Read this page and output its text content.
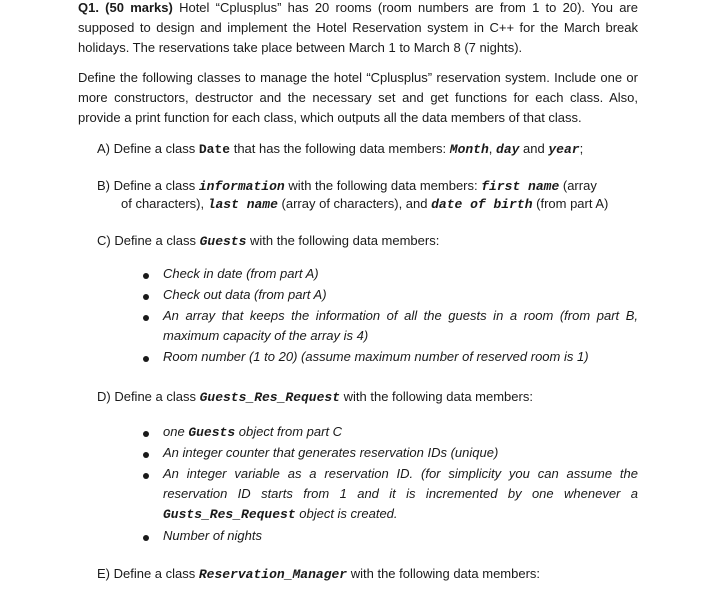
Q1. (50 marks) Hotel “Cplusplus” has 20 rooms (room numbers are from 1 to 20). You are
supposed to design and implement the Hotel Reservation system in C++ for the March break
holidays. The reservations take place between March 1 to March 8 (7 nights).
Define the following classes to manage the hotel “Cplusplus” reservation system. Include one or
more constructors, destructor and the necessary set and get functions for each class. Also,
provide a print function for each class, which outputs all the data members of that class.
A) Define a class Date that has the following data members: Month, day and year;
B) Define a class information with the following data members: first name (array
of characters), last name (array of characters), and date of birth (from part A)
C) Define a class Guests with the following data members:
Check in date (from part A)
Check out data (from part A)
An array that keeps the information of all the guests in a room (from part B,
maximum capacity of the array is 4)
Room number (1 to 20) (assume maximum number of reserved room is 1)
D) Define a class Guests_Res_Request with the following data members:
one Guests object from part C
An integer counter that generates reservation IDs (unique)
An integer variable as a reservation ID. (for simplicity you can assume the
reservation ID starts from 1 and it is incremented by one whenever a
Gusts_Res_Request object is created.
Number of nights
E) Define a class Reservation_Manager with the following data members:
